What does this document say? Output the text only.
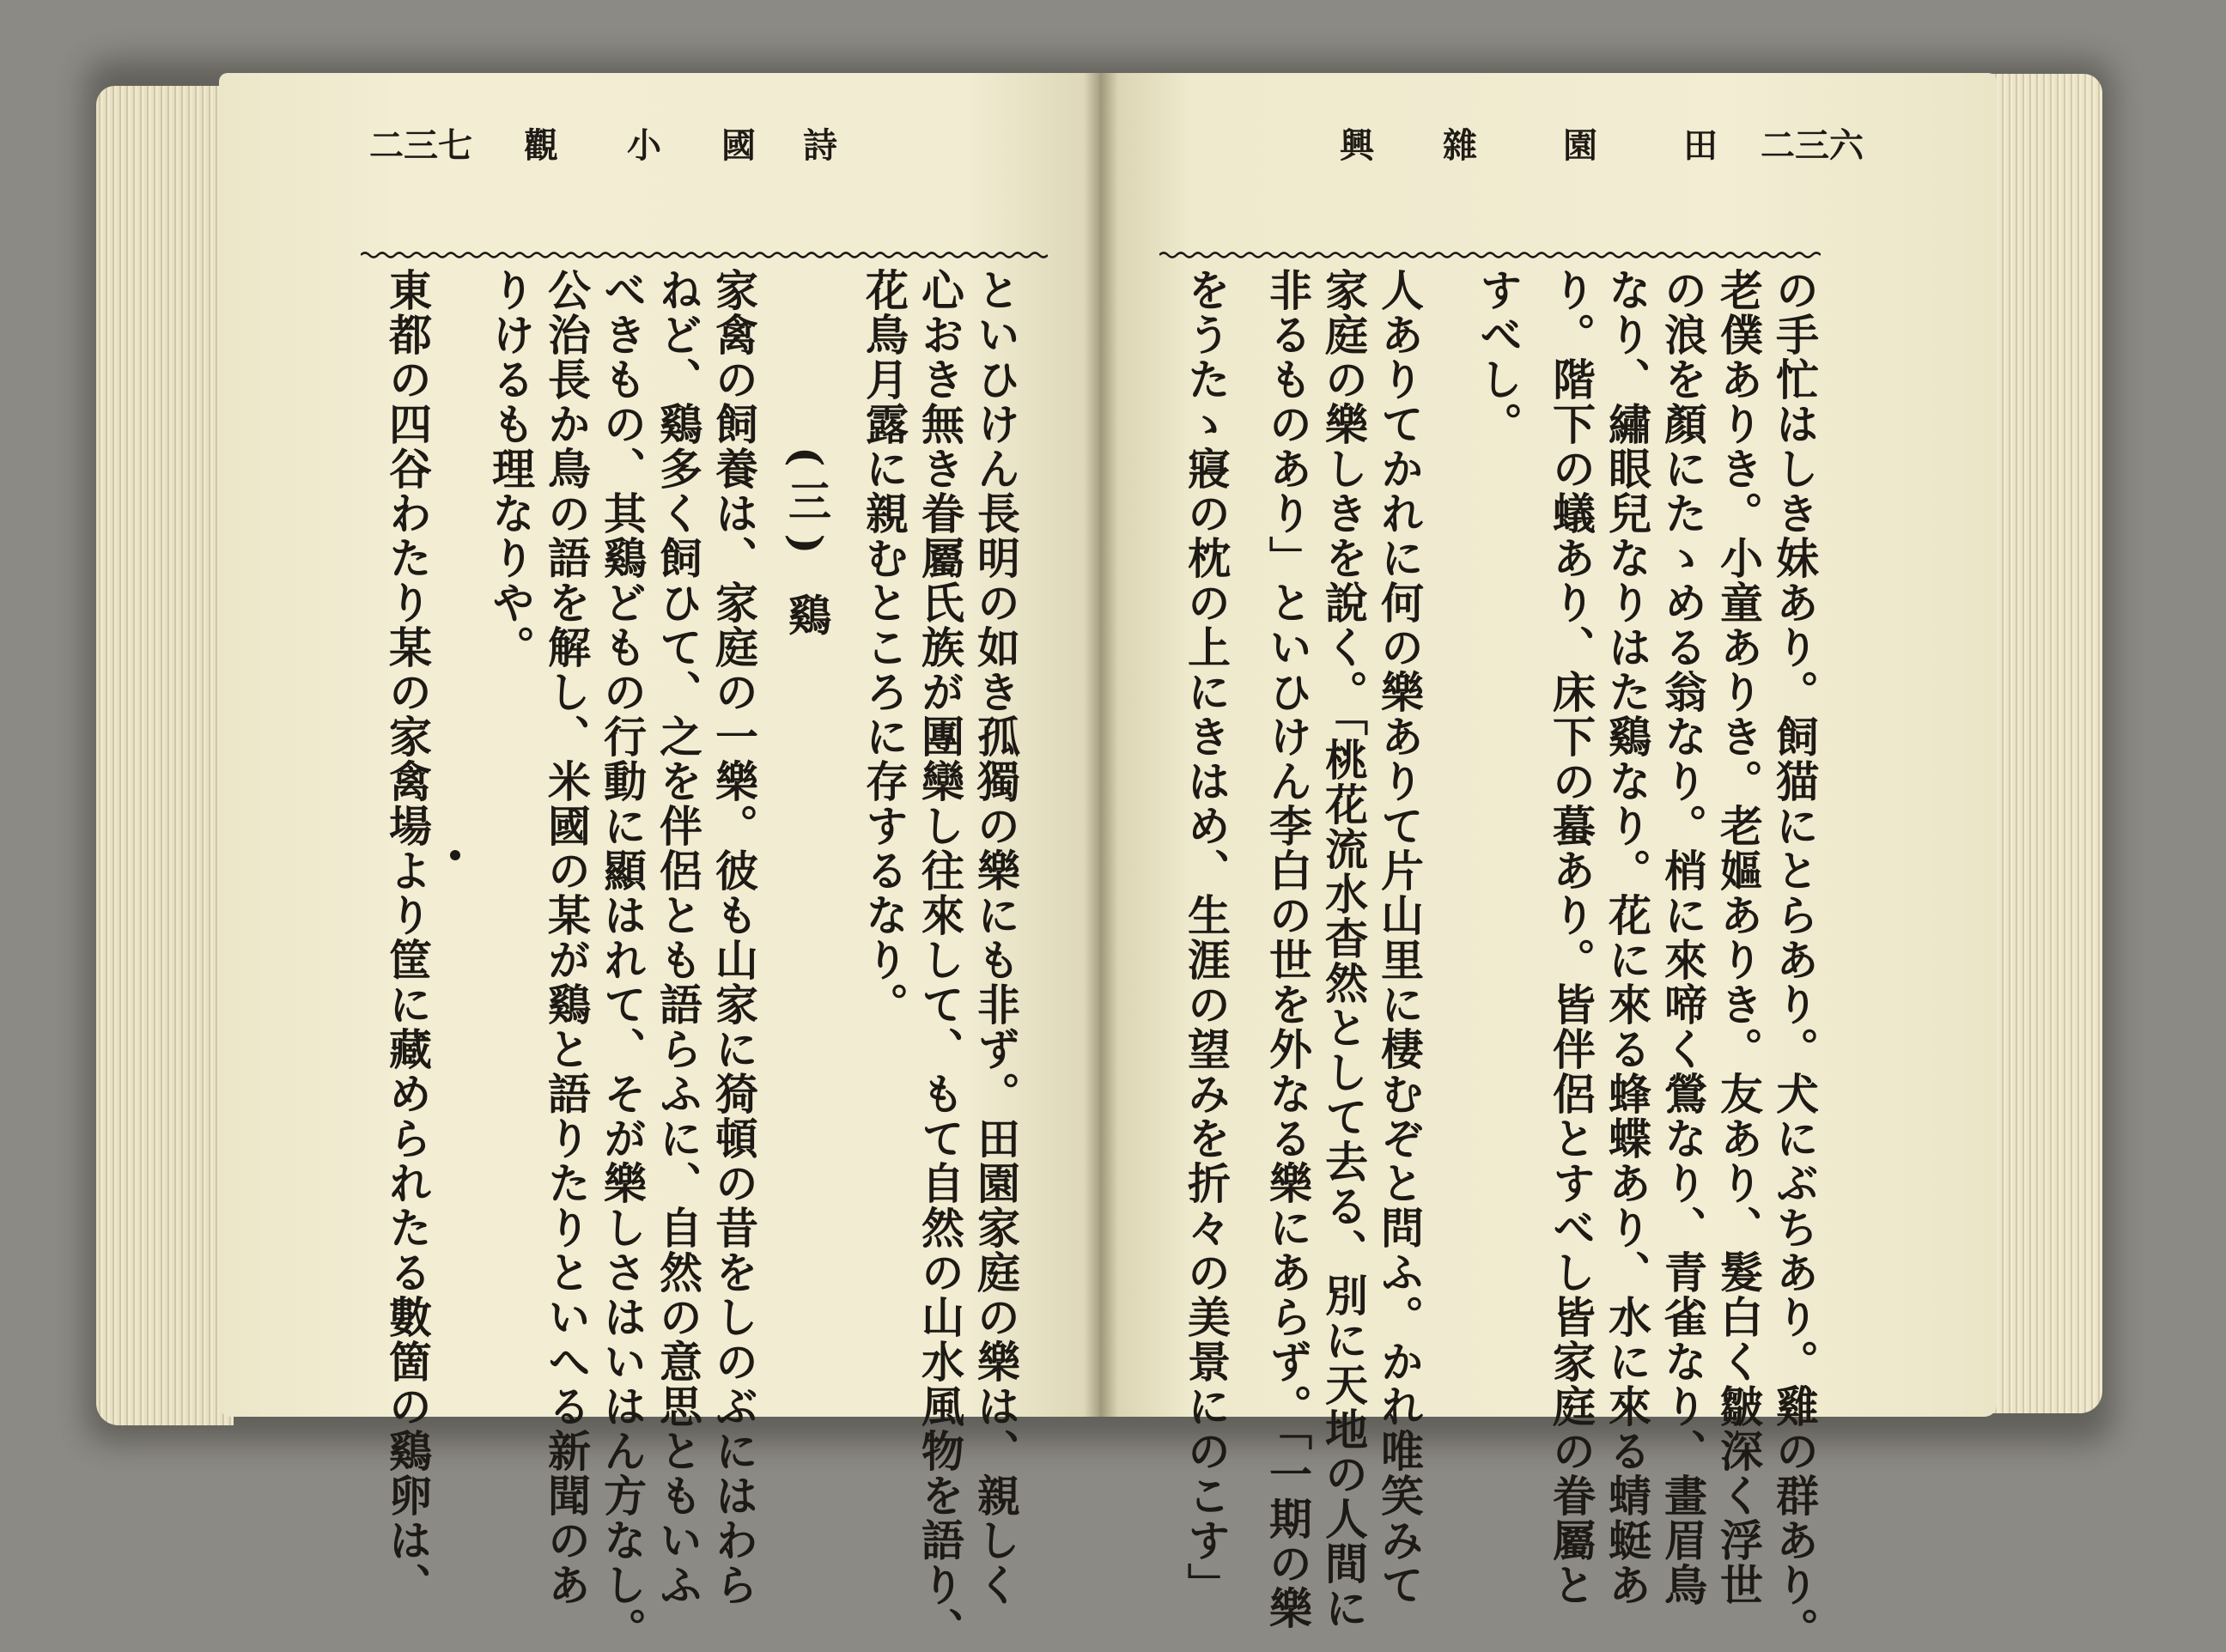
二三七 觀 小 國 詩
といひけん長明の如き孤獨の樂にも非ず。田園家庭の樂は、親しく
心おき無き眷屬氏族が團欒し往來して、もて自然の山水風物を語り、
花鳥月露に親むところに存するなり。
(三) 鷄
家禽の飼養は、家庭の一樂。彼も山家に猗頓の昔をしのぶにはわら
ねど、鷄多く飼ひて、之を伴侶とも語らふに、自然の意思ともいふ
べきもの、其鷄どもの行動に顯はれて、そが樂しさはいはん方なし。
公治長か鳥の語を解し、米國の某が鷄と語りたりといへる新聞のあ
りけるも理なりや。
東都の四谷わたり某の家禽場より筐に藏められたる數箇の鷄卵は、
興 雜	園	田 二三六
の手忙はしき妹あり。飼猫にとらあり。犬にぶちあり。雞の群あり。
老僕ありき。小童ありき。老嫗ありき。友あり、髮白く皺深く浮世
の浪を顏にたゝめる翁なり。梢に來啼く鶯なり、青雀なり、畫眉鳥
なり、繡眼兒なりはた鷄なり。花に來る蜂蝶あり、水に來る蜻蜓あ
り。階下の蟻あり、床下の蟇あり。皆伴侶とすべし皆家庭の眷屬と
すべし。
人ありてかれに何の樂ありて片山里に棲むぞと問ふ。かれ唯笑みて
家庭の樂しきを說く。「桃花流水杳然として去る、別に天地の人間に
非るものあり」といひけん李白の世を外なる樂にあらず。「一期の樂
をうたゝ寢の枕の上にきはめ、生涯の望みを折々の美景にのこす」
